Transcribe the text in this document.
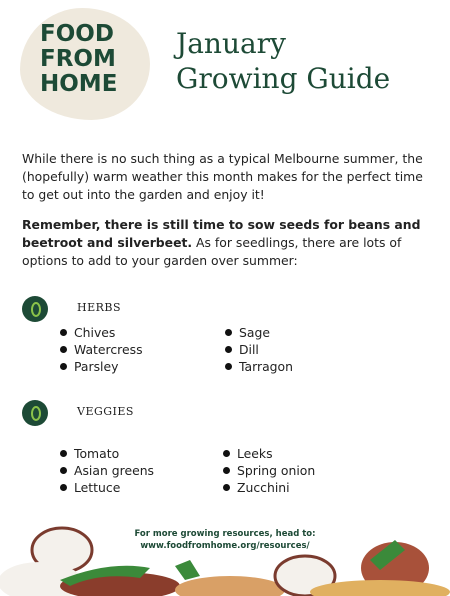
FOOD
FROM
HOME
January
Growing Guide
While there is no such thing as a typical Melbourne summer, the (hopefully) warm weather this month makes for the perfect time to get out into the garden and enjoy it!
Remember, there is still time to sow seeds for beans and beetroot and silverbeet. As for seedlings, there are lots of options to add to your garden over summer:
HERBS
Chives
Watercress
Parsley
Sage
Dill
Tarragon
VEGGIES
Tomato
Asian greens
Lettuce
Leeks
Spring onion
Zucchini
For more growing resources, head to:
www.foodfromhome.org/resources/
